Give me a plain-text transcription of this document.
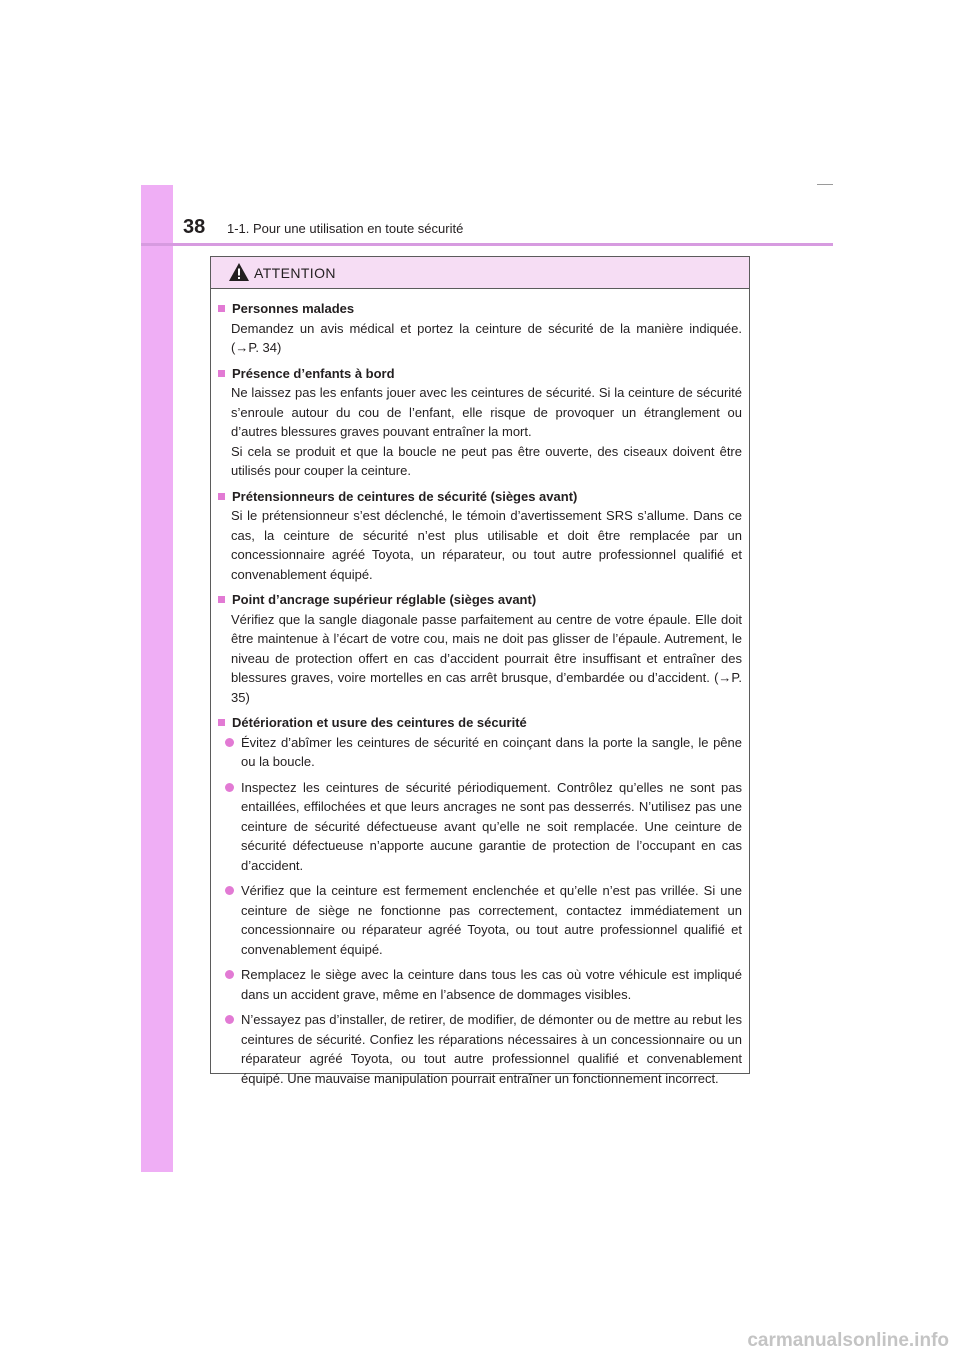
38 1-1. Pour une utilisation en toute sécurité
ATTENTION
Personnes malades
Demandez un avis médical et portez la ceinture de sécurité de la manière indiquée. (→P. 34)
Présence d’enfants à bord
Ne laissez pas les enfants jouer avec les ceintures de sécurité. Si la ceinture de sécurité s’enroule autour du cou de l’enfant, elle risque de provoquer un étranglement ou d’autres blessures graves pouvant entraîner la mort.
Si cela se produit et que la boucle ne peut pas être ouverte, des ciseaux doivent être utilisés pour couper la ceinture.
Prétensionneurs de ceintures de sécurité (sièges avant)
Si le prétensionneur s’est déclenché, le témoin d’avertissement SRS s’allume. Dans ce cas, la ceinture de sécurité n’est plus utilisable et doit être remplacée par un concessionnaire agréé Toyota, un réparateur, ou tout autre professionnel qualifié et convenablement équipé.
Point d’ancrage supérieur réglable (sièges avant)
Vérifiez que la sangle diagonale passe parfaitement au centre de votre épaule. Elle doit être maintenue à l’écart de votre cou, mais ne doit pas glisser de l’épaule. Autrement, le niveau de protection offert en cas d’accident pourrait être insuffisant et entraîner des blessures graves, voire mortelles en cas arrêt brusque, d’embardée ou d’accident. (→P. 35)
Détérioration et usure des ceintures de sécurité
Évitez d’abîmer les ceintures de sécurité en coinçant dans la porte la sangle, le pêne ou la boucle.
Inspectez les ceintures de sécurité périodiquement. Contrôlez qu’elles ne sont pas entaillées, effilochées et que leurs ancrages ne sont pas desserrés. N’utilisez pas une ceinture de sécurité défectueuse avant qu’elle ne soit remplacée. Une ceinture de sécurité défectueuse n’apporte aucune garantie de protection de l’occupant en cas d’accident.
Vérifiez que la ceinture est fermement enclenchée et qu’elle n’est pas vrillée. Si une ceinture de siège ne fonctionne pas correctement, contactez immédiatement un concessionnaire ou réparateur agréé Toyota, ou tout autre professionnel qualifié et convenablement équipé.
Remplacez le siège avec la ceinture dans tous les cas où votre véhicule est impliqué dans un accident grave, même en l’absence de dommages visibles.
N’essayez pas d’installer, de retirer, de modifier, de démonter ou de mettre au rebut les ceintures de sécurité. Confiez les réparations nécessaires à un concessionnaire ou un réparateur agréé Toyota, ou tout autre professionnel qualifié et convenablement équipé. Une mauvaise manipulation pourrait entraîner un fonctionnement incorrect.
carmanualsonline.info
